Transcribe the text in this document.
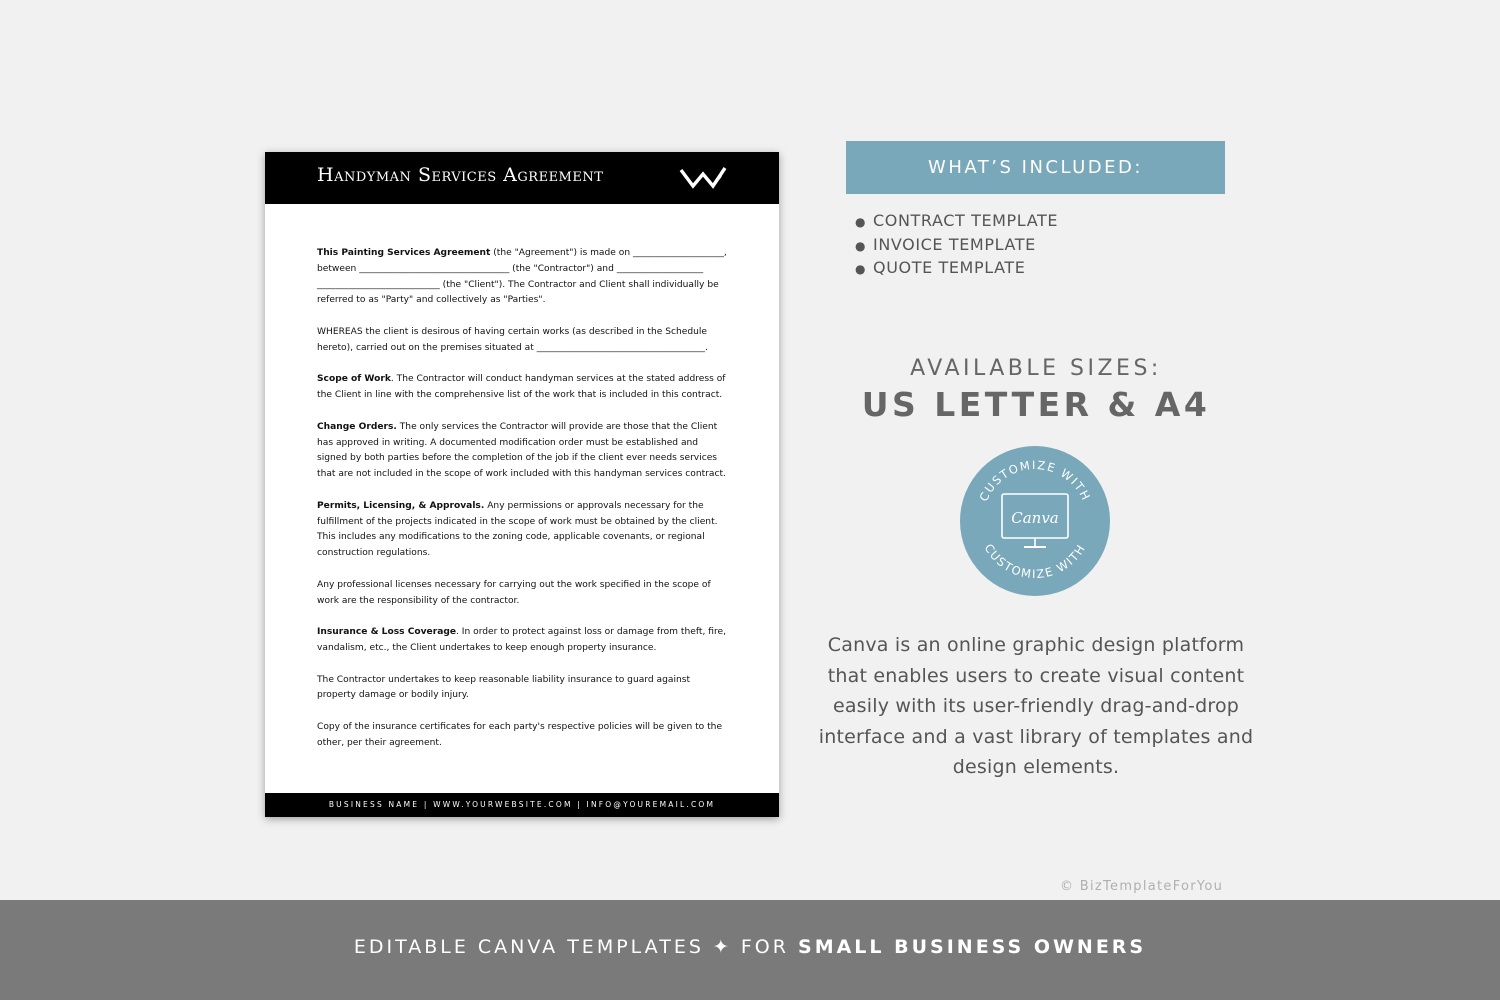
Handyman Services Agreement

This Painting Services Agreement (the "Agreement") is made on ____________________, between _________________________________ (the "Contractor") and ___________________ ___________________________ (the "Client"). The Contractor and Client shall individually be referred to as "Party" and collectively as "Parties".

WHEREAS the client is desirous of having certain works (as described in the Schedule hereto), carried out on the premises situated at _____________________________________.

Scope of Work. The Contractor will conduct handyman services at the stated address of the Client in line with the comprehensive list of the work that is included in this contract.

Change Orders. The only services the Contractor will provide are those that the Client has approved in writing. A documented modification order must be established and signed by both parties before the completion of the job if the client ever needs services that are not included in the scope of work included with this handyman services contract.

Permits, Licensing, & Approvals. Any permissions or approvals necessary for the fulfillment of the projects indicated in the scope of work must be obtained by the client. This includes any modifications to the zoning code, applicable covenants, or regional construction regulations.

Any professional licenses necessary for carrying out the work specified in the scope of work are the responsibility of the contractor.

Insurance & Loss Coverage. In order to protect against loss or damage from theft, fire, vandalism, etc., the Client undertakes to keep enough property insurance.

The Contractor undertakes to keep reasonable liability insurance to guard against property damage or bodily injury.

Copy of the insurance certificates for each party's respective policies will be given to the other, per their agreement.

BUSINESS NAME | WWW.YOURWEBSITE.COM | INFO@YOUREMAIL.COM
WHAT’S INCLUDED:
● CONTRACT TEMPLATE
● INVOICE TEMPLATE
● QUOTE TEMPLATE
AVAILABLE SIZES:
US LETTER & A4
CUSTOMIZE WITH
CUSTOMIZE WITH
Canva
Canva is an online graphic design platform that enables users to create visual content easily with its user-friendly drag-and-drop interface and a vast library of templates and design elements.
© BizTemplateForYou
EDITABLE CANVA TEMPLATES ✦ FOR SMALL BUSINESS OWNERS
